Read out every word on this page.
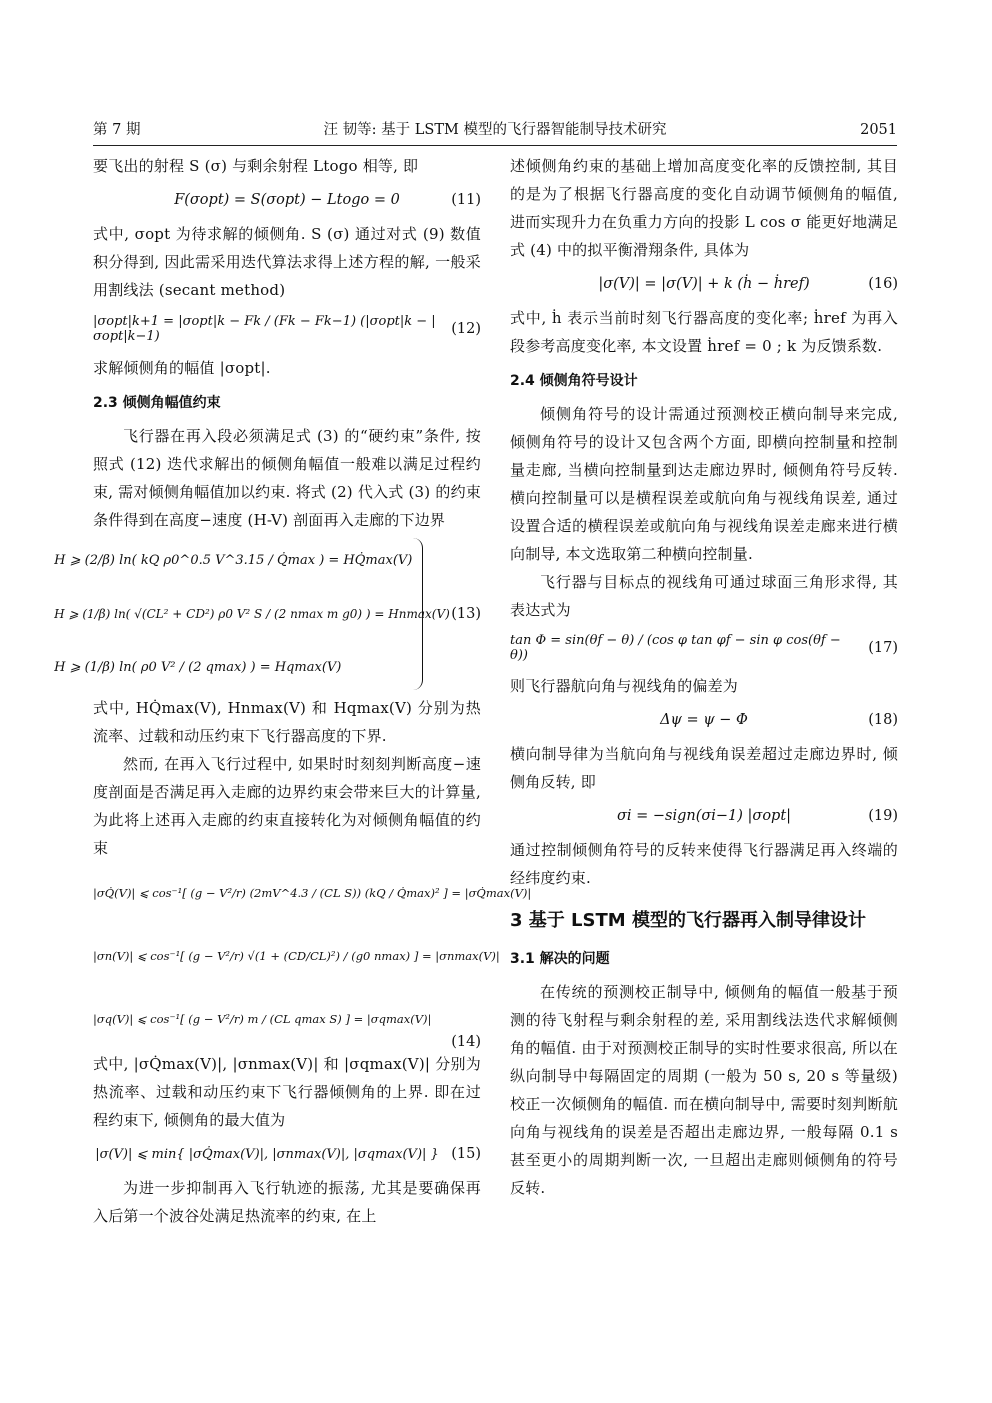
第 7 期	汪 韧等: 基于 LSTM 模型的飞行器智能制导技术研究	2051

要飞出的射程 S (σ) 与剩余射程 Ltogo 相等, 即

F(σopt) = S(σopt) − Ltogo = 0	(11)

式中, σopt 为待求解的倾侧角. S (σ) 通过对式 (9) 数值积分得到, 因此需采用迭代算法求得上述方程的解, 一般采用割线法 (secant method)

|σopt|k+1 = |σopt|k − Fk / (Fk − Fk−1) (|σopt|k − |σopt|k−1)	(12)

求解倾侧角的幅值 |σopt|.

2.3 倾侧角幅值约束

飞行器在再入段必须满足式 (3) 的“硬约束”条件, 按照式 (12) 迭代求解出的倾侧角幅值一般难以满足过程约束, 需对倾侧角幅值加以约束. 将式 (2) 代入式 (3) 的约束条件得到在高度−速度 (H-V) 剖面再入走廊的下边界

H ⩾ (2/β) ln( kQ ρ0^0.5 V^3.15 / Q̇max ) = HQ̇max(V)
H ⩾ (1/β) ln( √(CL² + CD²) ρ0 V² S / (2 nmax m g0) ) = Hnmax(V)
H ⩾ (1/β) ln( ρ0 V² / (2 qmax) ) = Hqmax(V)
(13)

式中, HQ̇max(V), Hnmax(V) 和 Hqmax(V) 分别为热流率、过载和动压约束下飞行器高度的下界.

然而, 在再入飞行过程中, 如果时时刻刻判断高度−速度剖面是否满足再入走廊的边界约束会带来巨大的计算量, 为此将上述再入走廊的约束直接转化为对倾侧角幅值的约束

|σQ̇(V)| ⩽ cos⁻¹[ (g − V²/r) (2mV^4.3 / (CL S)) (kQ / Q̇max)² ] = |σQ̇max(V)|
|σn(V)| ⩽ cos⁻¹[ (g − V²/r) √(1 + (CD/CL)²) / (g0 nmax) ] = |σnmax(V)|
|σq(V)| ⩽ cos⁻¹[ (g − V²/r) m / (CL qmax S) ] = |σqmax(V)|
(14)

式中, |σQ̇max(V)|, |σnmax(V)| 和 |σqmax(V)| 分别为热流率、过载和动压约束下飞行器倾侧角的上界. 即在过程约束下, 倾侧角的最大值为

|σ(V)| ⩽ min{ |σQ̇max(V)|, |σnmax(V)|, |σqmax(V)| } (15)

为进一步抑制再入飞行轨迹的振荡, 尤其是要确保再入后第一个波谷处满足热流率的约束, 在上

述倾侧角约束的基础上增加高度变化率的反馈控制, 其目的是为了根据飞行器高度的变化自动调节倾侧角的幅值, 进而实现升力在负重力方向的投影 L cos σ 能更好地满足式 (4) 中的拟平衡滑翔条件, 具体为

|σ(V)| = |σ(V)| + k (ḣ − ḣref)	(16)

式中, ḣ 表示当前时刻飞行器高度的变化率; ḣref 为再入段参考高度变化率, 本文设置 ḣref = 0 ; k 为反馈系数.

2.4 倾侧角符号设计

倾侧角符号的设计需通过预测校正横向制导来完成, 倾侧角符号的设计又包含两个方面, 即横向控制量和控制量走廊, 当横向控制量到达走廊边界时, 倾侧角符号反转. 横向控制量可以是横程误差或航向角与视线角误差, 通过设置合适的横程误差或航向角与视线角误差走廊来进行横向制导, 本文选取第二种横向控制量.

飞行器与目标点的视线角可通过球面三角形求得, 其表达式为

tan Φ = sin(θf − θ) / (cos φ tan φf − sin φ cos(θf − θ))	(17)

则飞行器航向角与视线角的偏差为

Δψ = ψ − Φ	(18)

横向制导律为当航向角与视线角误差超过走廊边界时, 倾侧角反转, 即

σi = −sign(σi−1) |σopt|	(19)

通过控制倾侧角符号的反转来使得飞行器满足再入终端的经纬度约束.

3 基于 LSTM 模型的飞行器再入制导律设计
3.1 解决的问题

在传统的预测校正制导中, 倾侧角的幅值一般基于预测的待飞射程与剩余射程的差, 采用割线法迭代求解倾侧角的幅值. 由于对预测校正制导的实时性要求很高, 所以在纵向制导中每隔固定的周期 (一般为 50 s, 20 s 等量级) 校正一次倾侧角的幅值. 而在横向制导中, 需要时刻判断航向角与视线角的误差是否超出走廊边界, 一般每隔 0.1 s 甚至更小的周期判断一次, 一旦超出走廊则倾侧角的符号反转.
